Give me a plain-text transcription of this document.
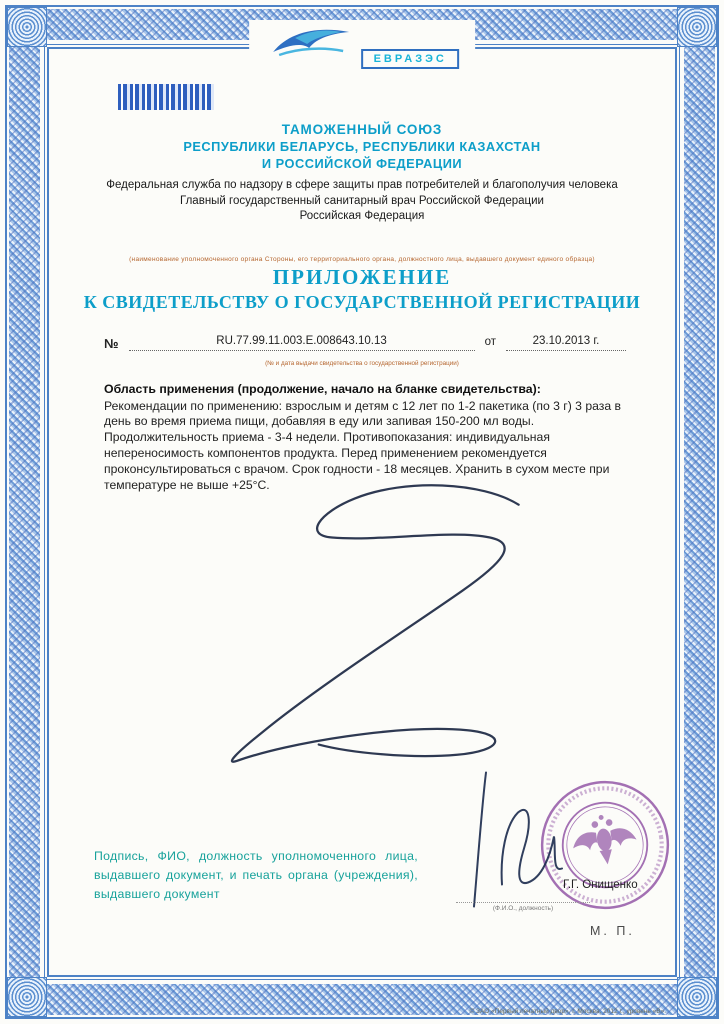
ЕВРАЗЭС
ТАМОЖЕННЫЙ СОЮЗ
РЕСПУБЛИКИ БЕЛАРУСЬ, РЕСПУБЛИКИ КАЗАХСТАН
И РОССИЙСКОЙ ФЕДЕРАЦИИ
Федеральная служба по надзору в сфере защиты прав потребителей и благополучия человека
Главный государственный санитарный врач Российской Федерации
Российская Федерация
(наименование уполномоченного органа Стороны, его территориального органа, должностного лица, выдавшего документ единого образца)
ПРИЛОЖЕНИЕ
К СВИДЕТЕЛЬСТВУ О ГОСУДАРСТВЕННОЙ РЕГИСТРАЦИИ
№	RU.77.99.11.003.Е.008643.10.13	от	23.10.2013 г.
(№ и дата выдачи свидетельства о государственной регистрации)
Область применения (продолжение, начало на бланке свидетельства):
Рекомендации по применению: взрослым и детям с 12 лет по 1-2 пакетика (по 3 г) 3 раза в день во время приема пищи, добавляя в еду или запивая 150-200 мл воды. Продолжительность приема - 3-4 недели. Противопоказания: индивидуальная непереносимость компонентов продукта. Перед применением рекомендуется проконсультироваться с врачом. Срок годности - 18 месяцев. Хранить в сухом месте при температуре не выше +25°С.
Подпись, ФИО, должность уполномоченного лица, выдавшего документ, и печать органа (учреждения), выдавшего документ
Г.Г. Онищенко
(Ф.И.О., должность)
М. П.
© ЗАО «Первый печатный двор», г. Москва, 2012 г., уровень «В».
